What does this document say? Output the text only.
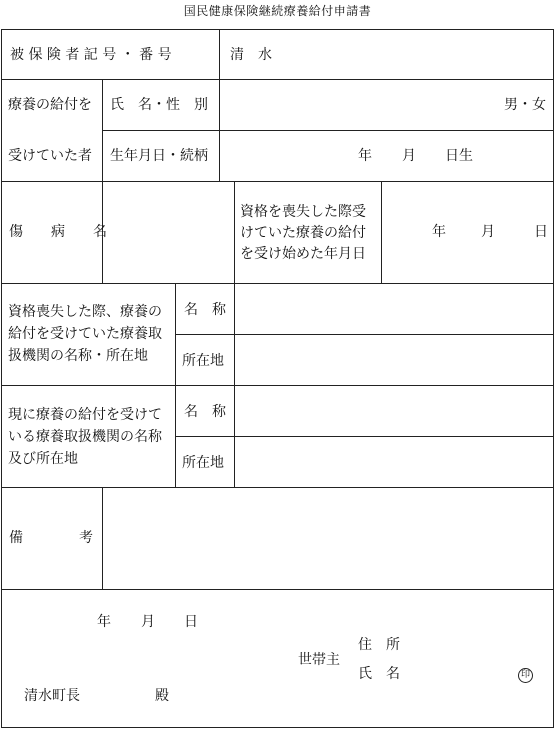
国民健康保険継続療養給付申請書
被 保 険 者 記 号 ・ 番 号	清　水
療養の給付を
受けていた者
氏　名・性　別	男・女
生年月日・続柄	年 月 日生
傷　　病　　名
資格を喪失した際受
けていた療養の給付
を受け始めた年月日
年	月	日
資格喪失した際、療養の
給付を受けていた療養取
扱機関の名称・所在地
名　称
所在地
現に療養の給付を受けて
いる療養取扱機関の名称
及び所在地
名　称
所在地
備　　　　考
年 月 日
世帯主
住　所
氏　名	印
清水町長	殿
